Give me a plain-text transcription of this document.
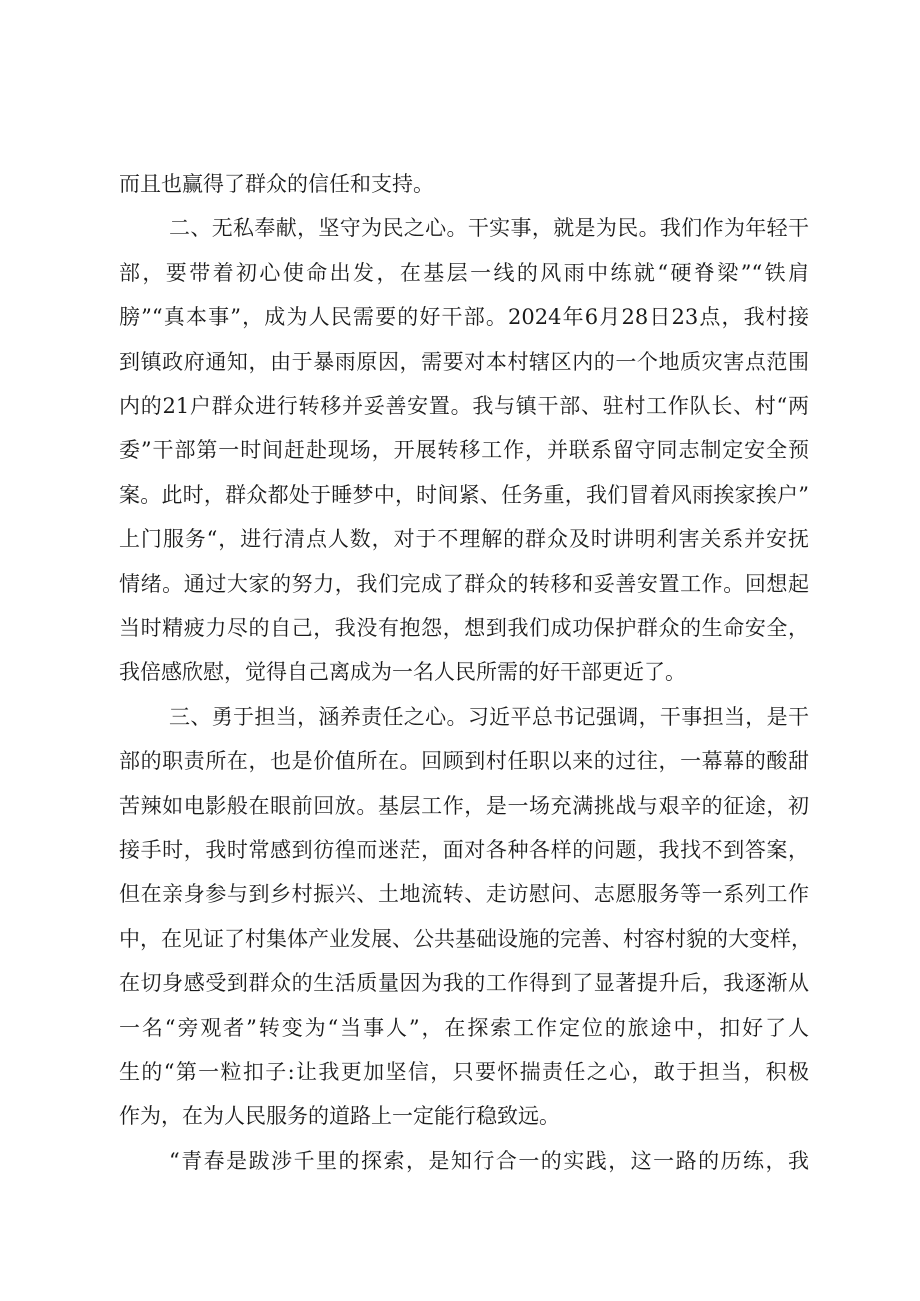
而且也赢得了群众的信任和支持。
二、无私奉献，坚守为民之心。干实事，就是为民。我们作为年轻干
部，要带着初心使命出发，在基层一线的风雨中练就“硬脊梁”“铁肩
膀”“真本事”，成为人民需要的好干部。2024年6月28日23点，我村接
到镇政府通知，由于暴雨原因，需要对本村辖区内的一个地质灾害点范围
内的21户群众进行转移并妥善安置。我与镇干部、驻村工作队长、村“两
委”干部第一时间赶赴现场，开展转移工作，并联系留守同志制定安全预
案。此时，群众都处于睡梦中，时间紧、任务重，我们冒着风雨挨家挨户”
上门服务“，进行清点人数，对于不理解的群众及时讲明利害关系并安抚
情绪。通过大家的努力，我们完成了群众的转移和妥善安置工作。回想起
当时精疲力尽的自己，我没有抱怨，想到我们成功保护群众的生命安全，
我倍感欣慰，觉得自己离成为一名人民所需的好干部更近了。
三、勇于担当，涵养责任之心。习近平总书记强调，干事担当，是干
部的职责所在，也是价值所在。回顾到村任职以来的过往，一幕幕的酸甜
苦辣如电影般在眼前回放。基层工作，是一场充满挑战与艰辛的征途，初
接手时，我时常感到彷徨而迷茫，面对各种各样的问题，我找不到答案，
但在亲身参与到乡村振兴、土地流转、走访慰问、志愿服务等一系列工作
中，在见证了村集体产业发展、公共基础设施的完善、村容村貌的大变样，
在切身感受到群众的生活质量因为我的工作得到了显著提升后，我逐渐从
一名“旁观者”转变为“当事人”，在探索工作定位的旅途中，扣好了人
生的“第一粒扣子:让我更加坚信，只要怀揣责任之心，敢于担当，积极
作为，在为人民服务的道路上一定能行稳致远。
“青春是跋涉千里的探索，是知行合一的实践，这一路的历练，我
